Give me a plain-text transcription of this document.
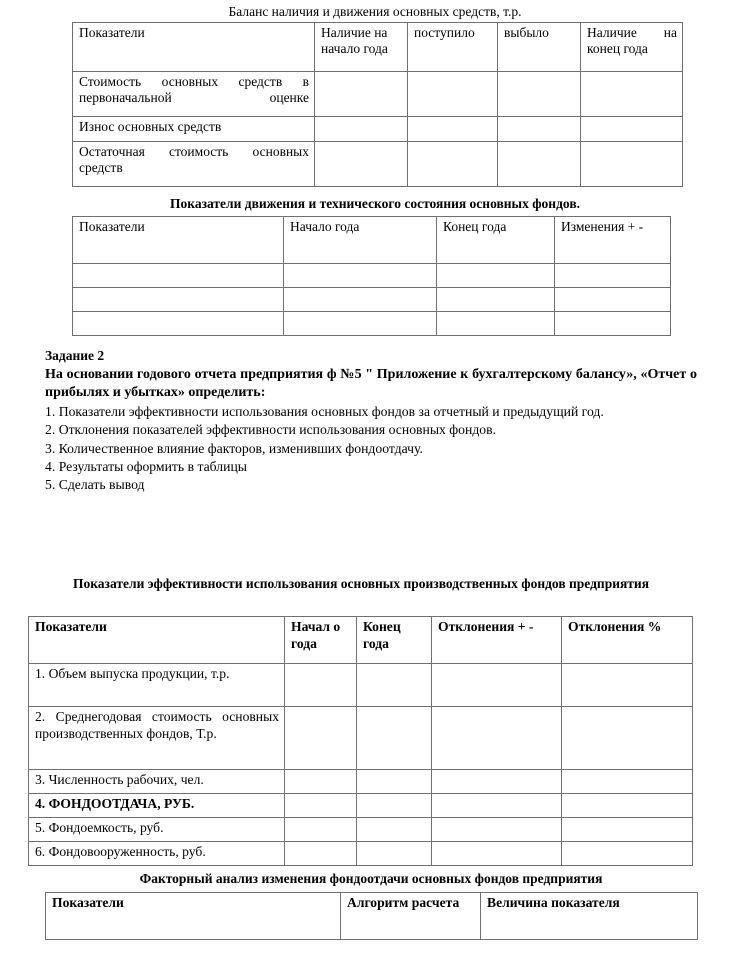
Баланс наличия и движения основных средств, т.р.

Показатели	Наличие на начало года	поступило	выбыло	Наличие на конец года
Стоимость основных средств в первоначальной оценке				
Износ основных средств				
Остаточная стоимость основных средств				

Показатели движения и технического состояния основных фондов.

Показатели	Начало года	Конец года	Изменения + -

Задание 2

На основании годового отчета предприятия ф №5 " Приложение к бухгалтерскому балансу», «Отчет о прибылях и убытках» определить:

1. Показатели эффективности использования основных фондов за отчетный и предыдущий год.
2. Отклонения показателей эффективности использования основных фондов.
3. Количественное влияние факторов, изменивших фондоотдачу.
4. Результаты оформить в таблицы
5. Сделать вывод

Показатели эффективности использования основных производственных фондов предприятия

Показатели	Начал о года	Конец года	Отклонения + -	Отклонения %
1. Объем выпуска продукции, т.р.				
2. Среднегодовая стоимость основных производственных фондов, Т.р.				
3. Численность рабочих, чел.				
4. ФОНДООТДАЧА, РУБ.				
5. Фондоемкость, руб.				
6. Фондовооруженность, руб.				

Факторный анализ изменения фондоотдачи основных фондов предприятия

Показатели	Алгоритм расчета	Величина показателя
